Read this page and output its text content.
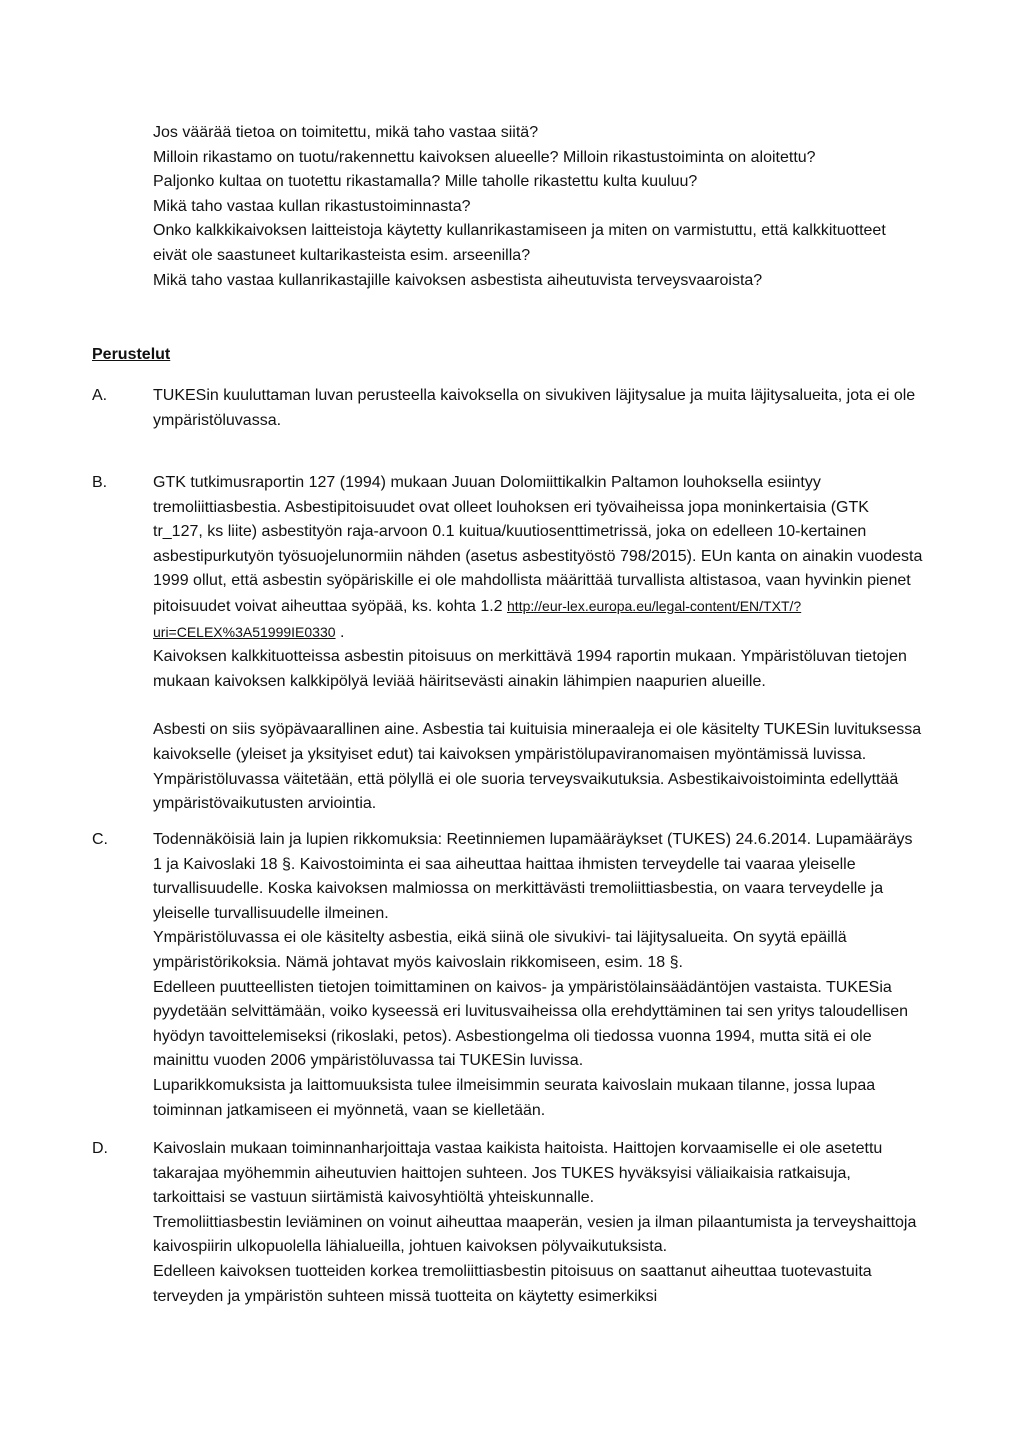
Jos väärää tietoa on toimitettu, mikä taho vastaa siitä?

Milloin rikastamo on tuotu/rakennettu kaivoksen alueelle? Milloin rikastustoiminta on aloitettu?

Paljonko kultaa on tuotettu rikastamalla? Mille taholle rikastettu kulta kuuluu?

Mikä taho vastaa kullan rikastustoiminnasta?

Onko kalkkikaivoksen laitteistoja käytetty kullanrikastamiseen ja miten on varmistuttu, että kalkkituotteet eivät ole saastuneet kultarikasteista esim. arseenilla?

Mikä taho vastaa kullanrikastajille kaivoksen asbestista aiheutuvista terveysvaaroista?

Perustelut
A.	TUKESin kuuluttaman luvan perusteella kaivoksella on sivukiven läjitysalue ja muita läjitysalueita, jota ei ole ympäristöluvassa.

B.	GTK tutkimusraportin 127 (1994) mukaan Juuan Dolomiittikalkin Paltamon louhoksella esiintyy tremoliittiasbestia. Asbestipitoisuudet ovat olleet louhoksen eri työvaiheissa jopa moninkertaisia (GTK tr_127, ks liite) asbestityön raja-arvoon 0.1 kuitua/kuutiosenttimetrissä, joka on edelleen 10-kertainen asbestipurkutyön työsuojelunormiin nähden (asetus asbestityöstö 798/2015). EUn kanta on ainakin vuodesta 1999 ollut, että asbestin syöpäriskille ei ole mahdollista määrittää turvallista altistasoa, vaan hyvinkin pienet pitoisuudet voivat aiheuttaa syöpää, ks. kohta 1.2 http://eur-lex.europa.eu/legal-content/EN/TXT/?uri=CELEX%3A51999IE0330 .

Kaivoksen kalkkituotteissa asbestin pitoisuus on merkittävä 1994 raportin mukaan. Ympäristöluvan tietojen mukaan kaivoksen kalkkipölyä leviää häiritsevästi ainakin lähimpien naapurien alueille.

Asbesti on siis syöpävaarallinen aine. Asbestia tai kuituisia mineraaleja ei ole käsitelty TUKESin luvituksessa kaivokselle (yleiset ja yksityiset edut) tai kaivoksen ympäristölupaviranomaisen myöntämissä luvissa. Ympäristöluvassa väitetään, että pölyllä ei ole suoria terveysvaikutuksia. Asbestikaivoistoiminta edellyttää ympäristövaikutusten arviointia.

C.	Todennäköisiä lain ja lupien rikkomuksia: Reetinniemen lupamääräykset (TUKES) 24.6.2014. Lupamääräys 1 ja Kaivoslaki 18 §. Kaivostoiminta ei saa aiheuttaa haittaa ihmisten terveydelle tai vaaraa yleiselle turvallisuudelle. Koska kaivoksen malmiossa on merkittävästi tremoliittiasbestia, on vaara terveydelle ja yleiselle turvallisuudelle ilmeinen.

Ympäristöluvassa ei ole käsitelty asbestia, eikä siinä ole sivukivi- tai läjitysalueita. On syytä epäillä ympäristörikoksia. Nämä johtavat myös kaivoslain rikkomiseen, esim. 18 §.

Edelleen puutteellisten tietojen toimittaminen on kaivos- ja ympäristölainsäädäntöjen vastaista. TUKESia pyydetään selvittämään, voiko kyseessä eri luvitusvaiheissa olla erehdyttäminen tai sen yritys taloudellisen hyödyn tavoittelemiseksi (rikoslaki, petos). Asbestiongelma oli tiedossa vuonna 1994, mutta sitä ei ole mainittu vuoden 2006 ympäristöluvassa tai TUKESin luvissa.

Luparikkomuksista ja laittomuuksista tulee ilmeisimmin seurata kaivoslain mukaan tilanne, jossa lupaa toiminnan jatkamiseen ei myönnetä, vaan se kielletään.

D.	Kaivoslain mukaan toiminnanharjoittaja vastaa kaikista haitoista. Haittojen korvaamiselle ei ole asetettu takarajaa myöhemmin aiheutuvien haittojen suhteen. Jos TUKES hyväksyisi väliaikaisia ratkaisuja, tarkoittaisi se vastuun siirtämistä kaivosyhtiöltä yhteiskunnalle.

Tremoliittiasbestin leviäminen on voinut aiheuttaa maaperän, vesien ja ilman pilaantumista ja terveyshaittoja kaivospiirin ulkopuolella lähialueilla, johtuen kaivoksen pölyvaikutuksista.

Edelleen kaivoksen tuotteiden korkea tremoliittiasbestin pitoisuus on saattanut aiheuttaa tuotevastuita terveyden ja ympäristön suhteen missä tuotteita on käytetty esimerkiksi
